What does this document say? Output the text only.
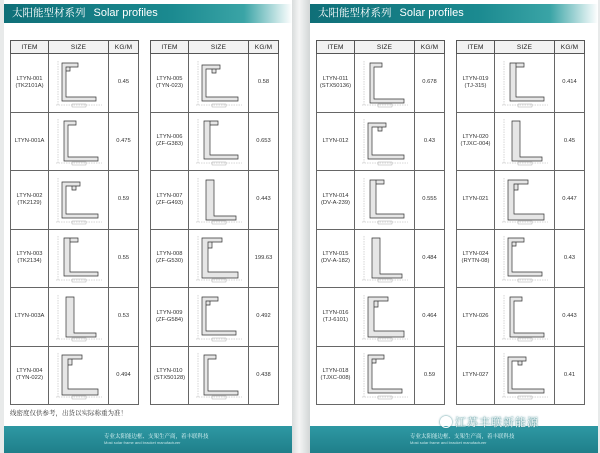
太阳能型材系列 Solar profiles
ITEM	SIZE	KG/M

LTYN-001
(TK2101A)		0.45

LTYN-001A		0.475

LTYN-002
(TK2129)		0.59

LTYN-003
(TK2134)		0.55

LTYN-003A		0.53

LTYN-004
(TYN-022)		0.494
ITEM	SIZE	KG/M

LTYN-005
(TYN-023)		0.58

LTYN-006
(ZF-G383)		0.653

LTYN-007
(ZF-G493)		0.443

LTYN-008
(ZF-G530)		199.63

LTYN-009
(ZF-G584)		0.492

LTYN-010
(STX50128)		0.438
线密度仅供参考，出货以实际称重为准！
专业太阳能边框、支架生产商，着丰联科技
Most solar frame and bracket manufacturer
太阳能型材系列 Solar profiles
ITEM	SIZE	KG/M

LTYN-011
(STX50136)		0.678

LTYN-012		0.43

LTYN-014
(DV-A-239)		0.555

LTYN-015
(DV-A-182)		0.484

LTYN-016
(TJ-6101)		0.464

LTYN-018
(TJXC-008)		0.59
ITEM	SIZE	KG/M

LTYN-019
(TJ-315)		0.414

LTYN-020
(TJXC-004)		0.45

LTYN-021		0.447

LTYN-024
(RYTN-08)		0.43

LTYN-026		0.443

LTYN-027		0.41
专业太阳能边框、支架生产商，着丰联科技
Most solar frame and bracket manufacturer
江苏丰联新能源
